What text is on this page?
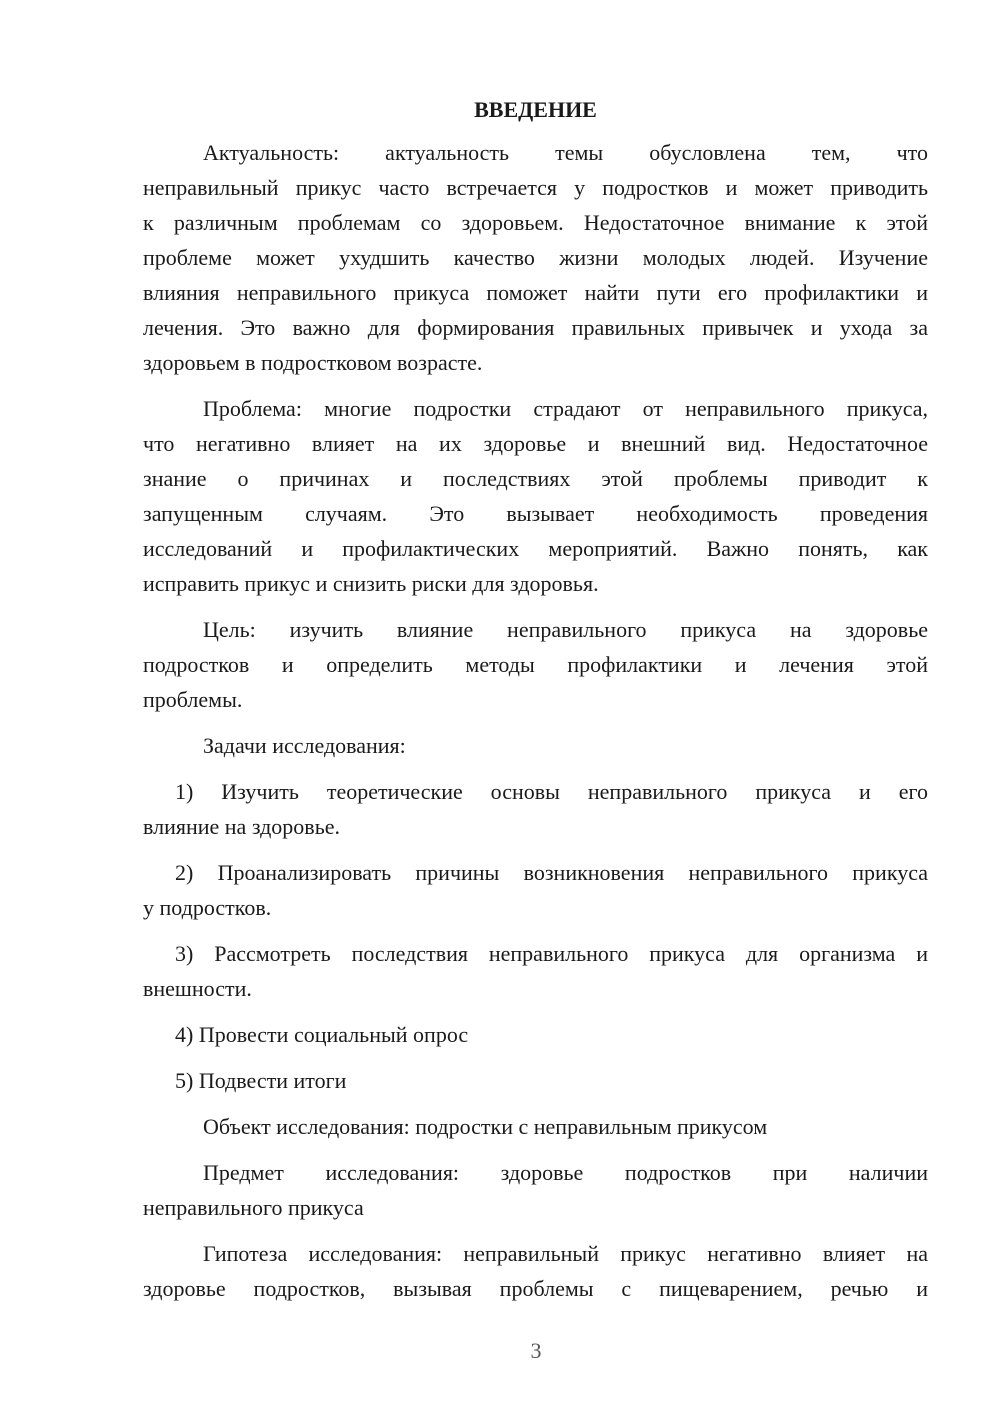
ВВЕДЕНИЕ
Актуальность: актуальность темы обусловлена тем, что
неправильный прикус часто встречается у подростков и может приводить
к различным проблемам со здоровьем. Недостаточное внимание к этой
проблеме может ухудшить качество жизни молодых людей. Изучение
влияния неправильного прикуса поможет найти пути его профилактики и
лечения. Это важно для формирования правильных привычек и ухода за
здоровьем в подростковом возрасте.
Проблема: многие подростки страдают от неправильного прикуса,
что негативно влияет на их здоровье и внешний вид. Недостаточное
знание о причинах и последствиях этой проблемы приводит к
запущенным случаям. Это вызывает необходимость проведения
исследований и профилактических мероприятий. Важно понять, как
исправить прикус и снизить риски для здоровья.
Цель: изучить влияние неправильного прикуса на здоровье
подростков и определить методы профилактики и лечения этой
проблемы.
Задачи исследования:
1) Изучить теоретические основы неправильного прикуса и его
влияние на здоровье.
2) Проанализировать причины возникновения неправильного прикуса
у подростков.
3) Рассмотреть последствия неправильного прикуса для организма и
внешности.
4) Провести социальный опрос
5) Подвести итоги
Объект исследования: подростки с неправильным прикусом
Предмет исследования: здоровье подростков при наличии
неправильного прикуса
Гипотеза исследования: неправильный прикус негативно влияет на
здоровье подростков, вызывая проблемы с пищеварением, речью и
3
